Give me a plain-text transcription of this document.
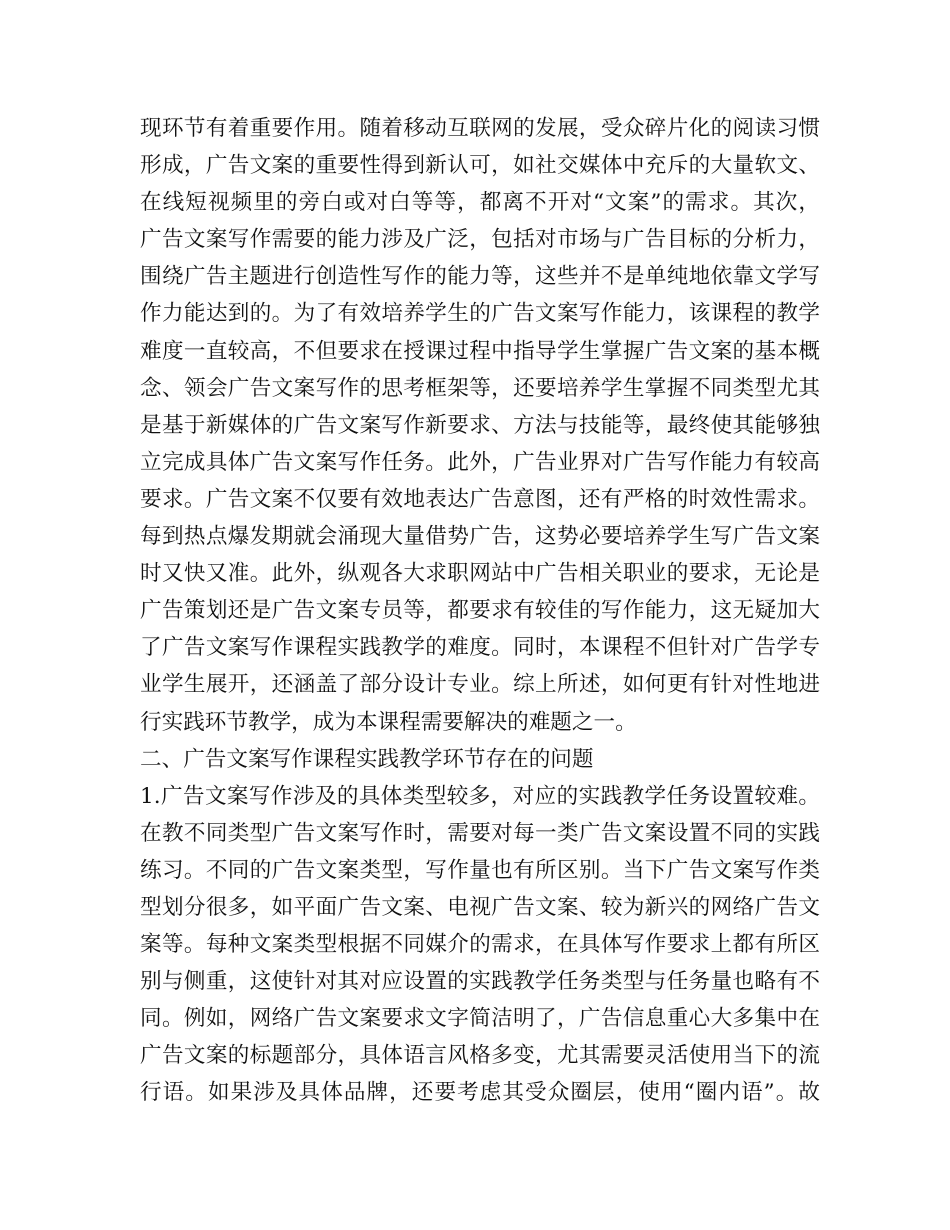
现环节有着重要作用。随着移动互联网的发展，受众碎片化的阅读习惯
形成，广告文案的重要性得到新认可，如社交媒体中充斥的大量软文、
在线短视频里的旁白或对白等等，都离不开对“文案”的需求。其次，
广告文案写作需要的能力涉及广泛，包括对市场与广告目标的分析力，
围绕广告主题进行创造性写作的能力等，这些并不是单纯地依靠文学写
作力能达到的。为了有效培养学生的广告文案写作能力，该课程的教学
难度一直较高，不但要求在授课过程中指导学生掌握广告文案的基本概
念、领会广告文案写作的思考框架等，还要培养学生掌握不同类型尤其
是基于新媒体的广告文案写作新要求、方法与技能等，最终使其能够独
立完成具体广告文案写作任务。此外，广告业界对广告写作能力有较高
要求。广告文案不仅要有效地表达广告意图，还有严格的时效性需求。
每到热点爆发期就会涌现大量借势广告，这势必要培养学生写广告文案
时又快又准。此外，纵观各大求职网站中广告相关职业的要求，无论是
广告策划还是广告文案专员等，都要求有较佳的写作能力，这无疑加大
了广告文案写作课程实践教学的难度。同时，本课程不但针对广告学专
业学生展开，还涵盖了部分设计专业。综上所述，如何更有针对性地进
行实践环节教学，成为本课程需要解决的难题之一。
二、广告文案写作课程实践教学环节存在的问题
1.广告文案写作涉及的具体类型较多，对应的实践教学任务设置较难。
在教不同类型广告文案写作时，需要对每一类广告文案设置不同的实践
练习。不同的广告文案类型，写作量也有所区别。当下广告文案写作类
型划分很多，如平面广告文案、电视广告文案、较为新兴的网络广告文
案等。每种文案类型根据不同媒介的需求，在具体写作要求上都有所区
别与侧重，这使针对其对应设置的实践教学任务类型与任务量也略有不
同。例如，网络广告文案要求文字简洁明了，广告信息重心大多集中在
广告文案的标题部分，具体语言风格多变，尤其需要灵活使用当下的流
行语。如果涉及具体品牌，还要考虑其受众圈层，使用“圈内语”。故
